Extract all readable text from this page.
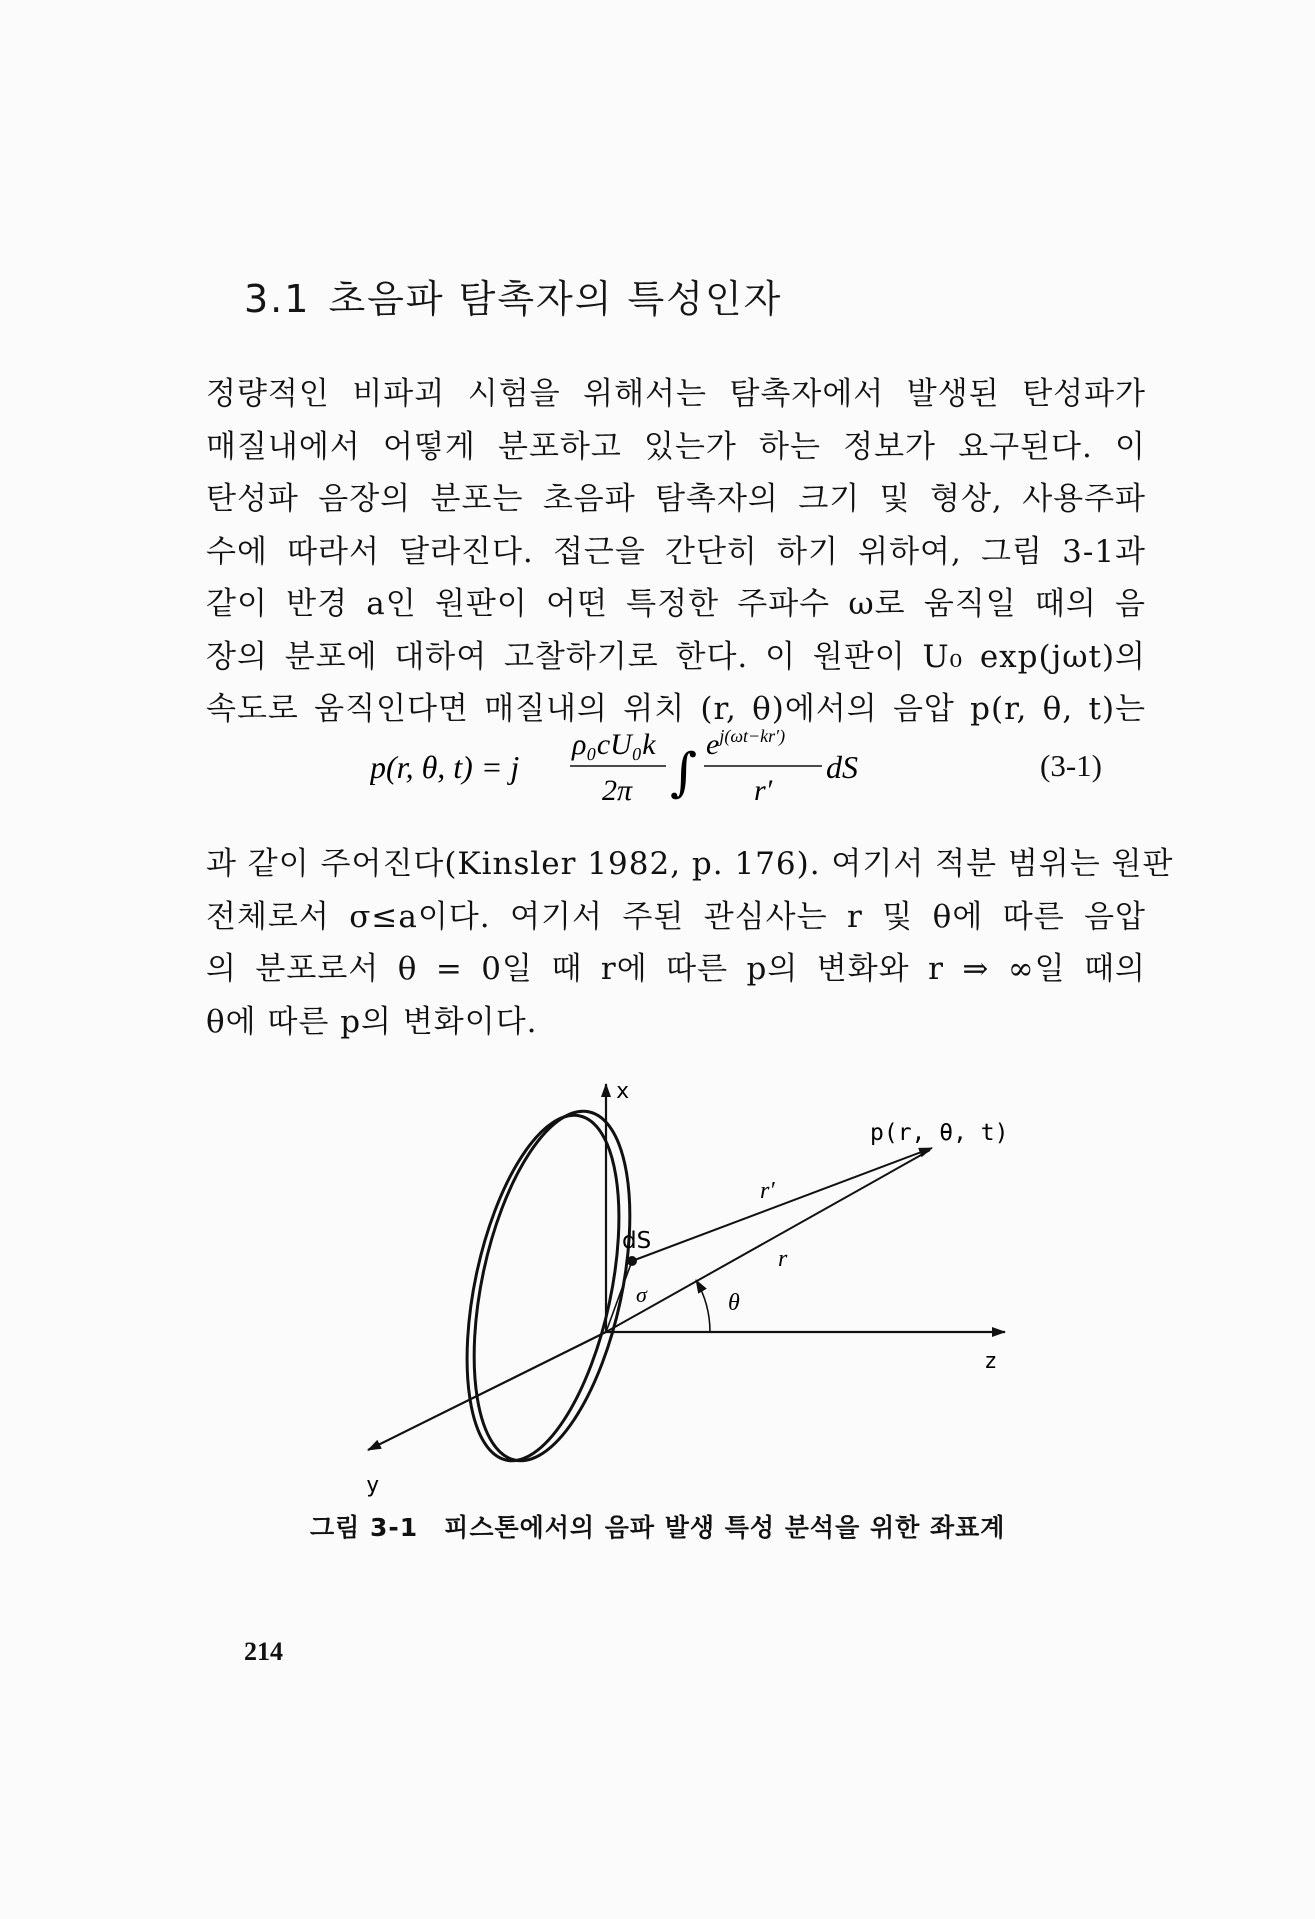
3.1 초음파 탐촉자의 특성인자
정량적인 비파괴 시험을 위해서는 탐촉자에서 발생된 탄성파가
매질내에서 어떻게 분포하고 있는가 하는 정보가 요구된다. 이
탄성파 음장의 분포는 초음파 탐촉자의 크기 및 형상, 사용주파
수에 따라서 달라진다. 접근을 간단히 하기 위하여, 그림 3-1과
같이 반경 a인 원판이 어떤 특정한 주파수 ω로 움직일 때의 음
장의 분포에 대하여 고찰하기로 한다. 이 원판이 U₀ exp(jωt)의
속도로 움직인다면 매질내의 위치 (r, θ)에서의 음압 p(r, θ, t)는
p(r, θ, t) = j
ρ₀cU₀k
2π ∫ $e^{j(\omega t-kr')}$
r′
dS	(3-1)
과 같이 주어진다(Kinsler 1982, p. 176). 여기서 적분 범위는 원판
전체로서 σ≤a이다. 여기서 주된 관심사는 r 및 θ에 따른 음압
의 분포로서 θ = 0일 때 r에 따른 p의 변화와 r ⇒ ∞일 때의
θ에 따른 p의 변화이다.
x
z
y
p(r, θ, t)
r′
r
dS
σ	θ
그림 3-1 피스톤에서의 음파 발생 특성 분석을 위한 좌표계
214
